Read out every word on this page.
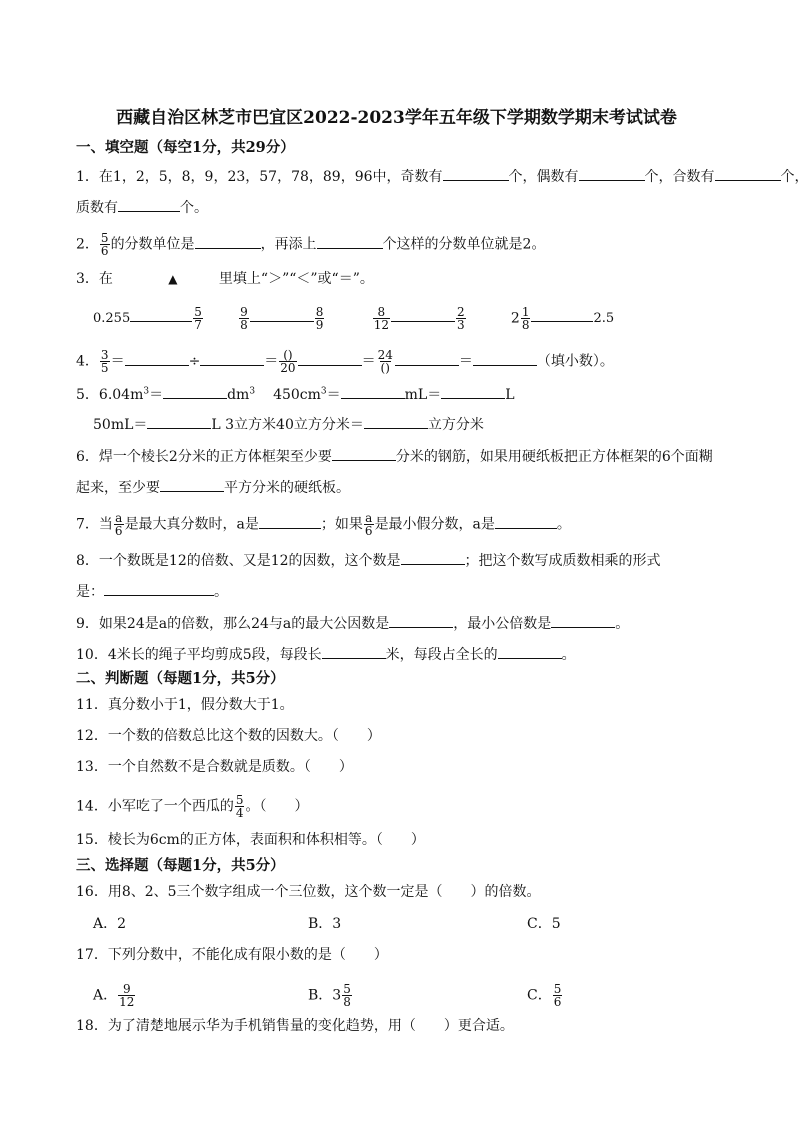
西藏自治区林芝市巴宜区2022-2023学年五年级下学期数学期末考试试卷
一、填空题（每空1分，共29分）
1．在1，2，5，8，9，23，57，78，89，96中，奇数有	个，偶数有	个，合数有	个，
质数有	个。
2． $\frac{5}{6}$ 的分数单位是	，再添上	个这样的分数单位就是2。
3．在	▲	里填上“＞”“＜”或“＝”。
0.255	$\frac{5}{7}$
	$\frac{9}{8}$	$\frac{8}{9}$
	$\frac{8}{12}$	$\frac{2}{3}$	$2 \frac{1}{8}$	2.5
4． $\frac{3}{5}$ ＝	÷	＝ ()
20	＝ 24
()	＝	（填小数）。
5．$6.04m^3=$	$dm^3$ $450cm^3=$	mL＝	L
50mL＝	L 3立方米40立方分米＝	立方分米
6．焊一个棱长2分米的正方体框架至少要	分米的钢筋，如果用硬纸板把正方体框架的6个面糊
起来，至少要	平方分米的硬纸板。
7．当 $\frac{a}{6}$ 是最大真分数时，a是	；如果 $\frac{a}{6}$ 是最小假分数，a是	。
8．一个数既是12的倍数、又是12的因数，这个数是	；把这个数写成质数相乘的形式
是：	。
9．如果24是a的倍数，那么24与a的最大公因数是	，最小公倍数是	。
10．4米长的绳子平均剪成5段，每段长	米，每段占全长的	。
二、判断题（每题1分，共5分）
11．真分数小于1，假分数大于1。
12．一个数的倍数总比这个数的因数大。（　　）
13．一个自然数不是合数就是质数。（　　）
14．小军吃了一个西瓜的 $\frac{5}{4}$ 。（　　）
15．棱长为6cm的正方体，表面积和体积相等。（　　）
三、选择题（每题1分，共5分）
16．用8、2、5三个数字组成一个三位数，这个数一定是（　　）的倍数。
A．2	B．3	C．5
17．下列分数中，不能化成有限小数的是（　　）
A． $\frac{9}{12}$	B．$3 \frac{5}{8}$	C． $\frac{5}{6}$
18．为了清楚地展示华为手机销售量的变化趋势，用（　　）更合适。
